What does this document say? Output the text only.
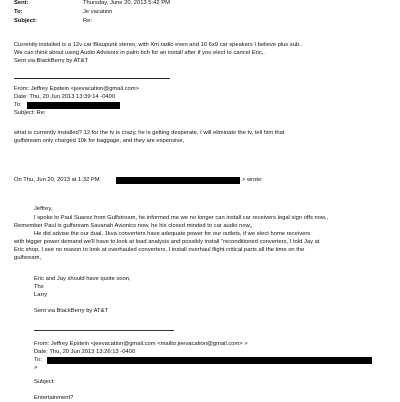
Sent:	Thursday, June 20, 2013 5:42 PM
To:	Je vacation
Subject:	Re:
Currently installed is a 12v car Blaupunk stereo, with Xm radio even and 10 6x9 car speakers I believe plus sub..
We can think about using Audio Advisors in palm bch for an install after if you elect to cancel Eric,.
Sent via BlackBerry by AT&T
From: Jeffrey Epstein <jeevacation@gmail.com>
Date: Thu, 20 Jun 2013 13:39:14 -0400
To:
Subject: Re:
what is currently installed? 12 for the tv is crazy, he is getting desperate, I will eliminate the tv, tell him that
gulfstream only charged 10k for baggage, and they are expensive,
On Thu, Jun 20, 2013 at 1:32 PM	> wrote:
Jeffrey,
I spoke to Paul Suarez from Gulfstream, he informed me we no longer can install car receivers legal sign offs now,,
Remember Paul is gulfsream Savanah Avionics now, he his closed minded to car audio now,,
He did advise the our dual, 1kva converters have adequate power for our outlets, if we elect home receivers
with bigger power demand we'll have to look at load analysis and possibly install "reconditioned converters, I told Jay at
Eric shop, I see no reason to look at overhauled converters, I install overhaul flight critical parts all the time on the
gulfsream,
Eric and Jay should have quote soon,
Thx
Larry
Sent via BlackBerry by AT&T
From: Jeffrey Epstein <jeevacation@gmail.com <mailto:jeevacation@gmail.com> >
Date: Thu, 20 Jun 2013 13:26:13 -0400
To:
>
Subject:
Entertainment?
